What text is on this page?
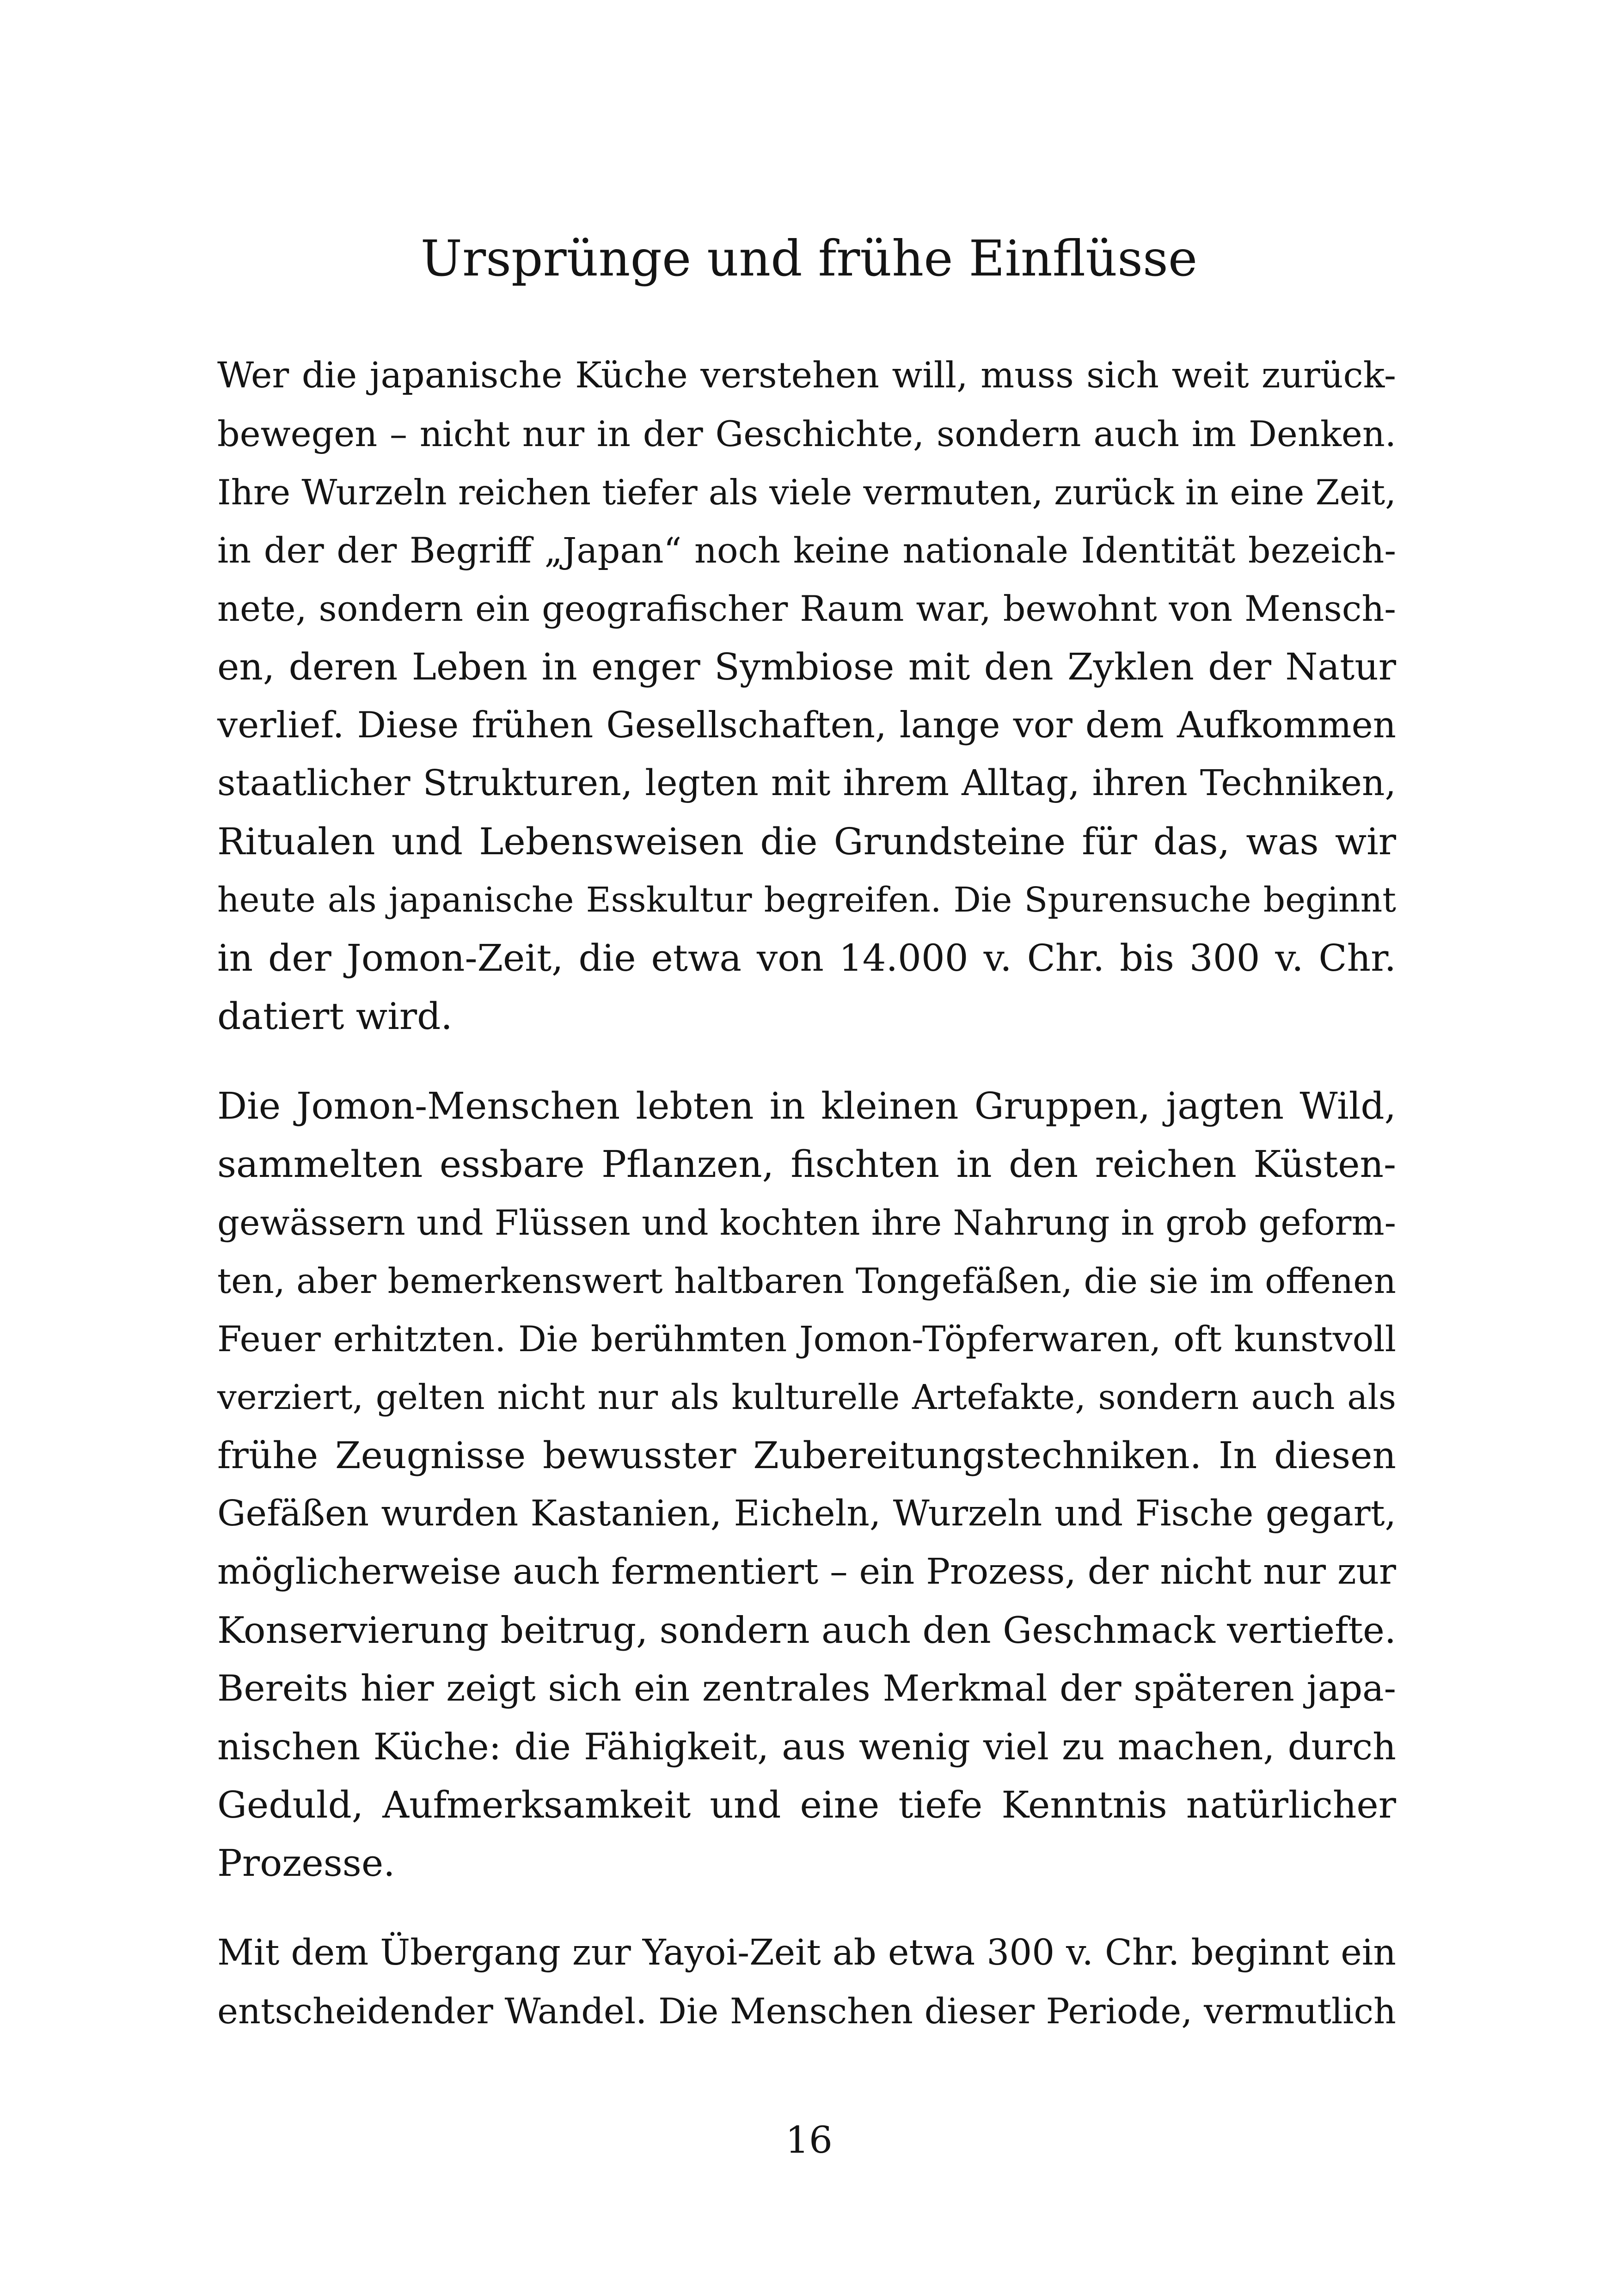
Ursprünge und frühe Einflüsse
Wer die japanische Küche verstehen will, muss sich weit zurück-
bewegen – nicht nur in der Geschichte, sondern auch im Denken.
Ihre Wurzeln reichen tiefer als viele vermuten, zurück in eine Zeit,
in der der Begriff „Japan“ noch keine nationale Identität bezeich-
nete, sondern ein geografischer Raum war, bewohnt von Mensch-
en, deren Leben in enger Symbiose mit den Zyklen der Natur
verlief. Diese frühen Gesellschaften, lange vor dem Aufkommen
staatlicher Strukturen, legten mit ihrem Alltag, ihren Techniken,
Ritualen und Lebensweisen die Grundsteine für das, was wir
heute als japanische Esskultur begreifen. Die Spurensuche beginnt
in der Jomon-Zeit, die etwa von 14.000 v. Chr. bis 300 v. Chr.
datiert wird.
Die Jomon-Menschen lebten in kleinen Gruppen, jagten Wild,
sammelten essbare Pflanzen, fischten in den reichen Küsten-
gewässern und Flüssen und kochten ihre Nahrung in grob geform-
ten, aber bemerkenswert haltbaren Tongefäßen, die sie im offenen
Feuer erhitzten. Die berühmten Jomon-Töpferwaren, oft kunstvoll
verziert, gelten nicht nur als kulturelle Artefakte, sondern auch als
frühe Zeugnisse bewusster Zubereitungstechniken. In diesen
Gefäßen wurden Kastanien, Eicheln, Wurzeln und Fische gegart,
möglicherweise auch fermentiert – ein Prozess, der nicht nur zur
Konservierung beitrug, sondern auch den Geschmack vertiefte.
Bereits hier zeigt sich ein zentrales Merkmal der späteren japa-
nischen Küche: die Fähigkeit, aus wenig viel zu machen, durch
Geduld, Aufmerksamkeit und eine tiefe Kenntnis natürlicher
Prozesse.
Mit dem Übergang zur Yayoi-Zeit ab etwa 300 v. Chr. beginnt ein
entscheidender Wandel. Die Menschen dieser Periode, vermutlich
16
